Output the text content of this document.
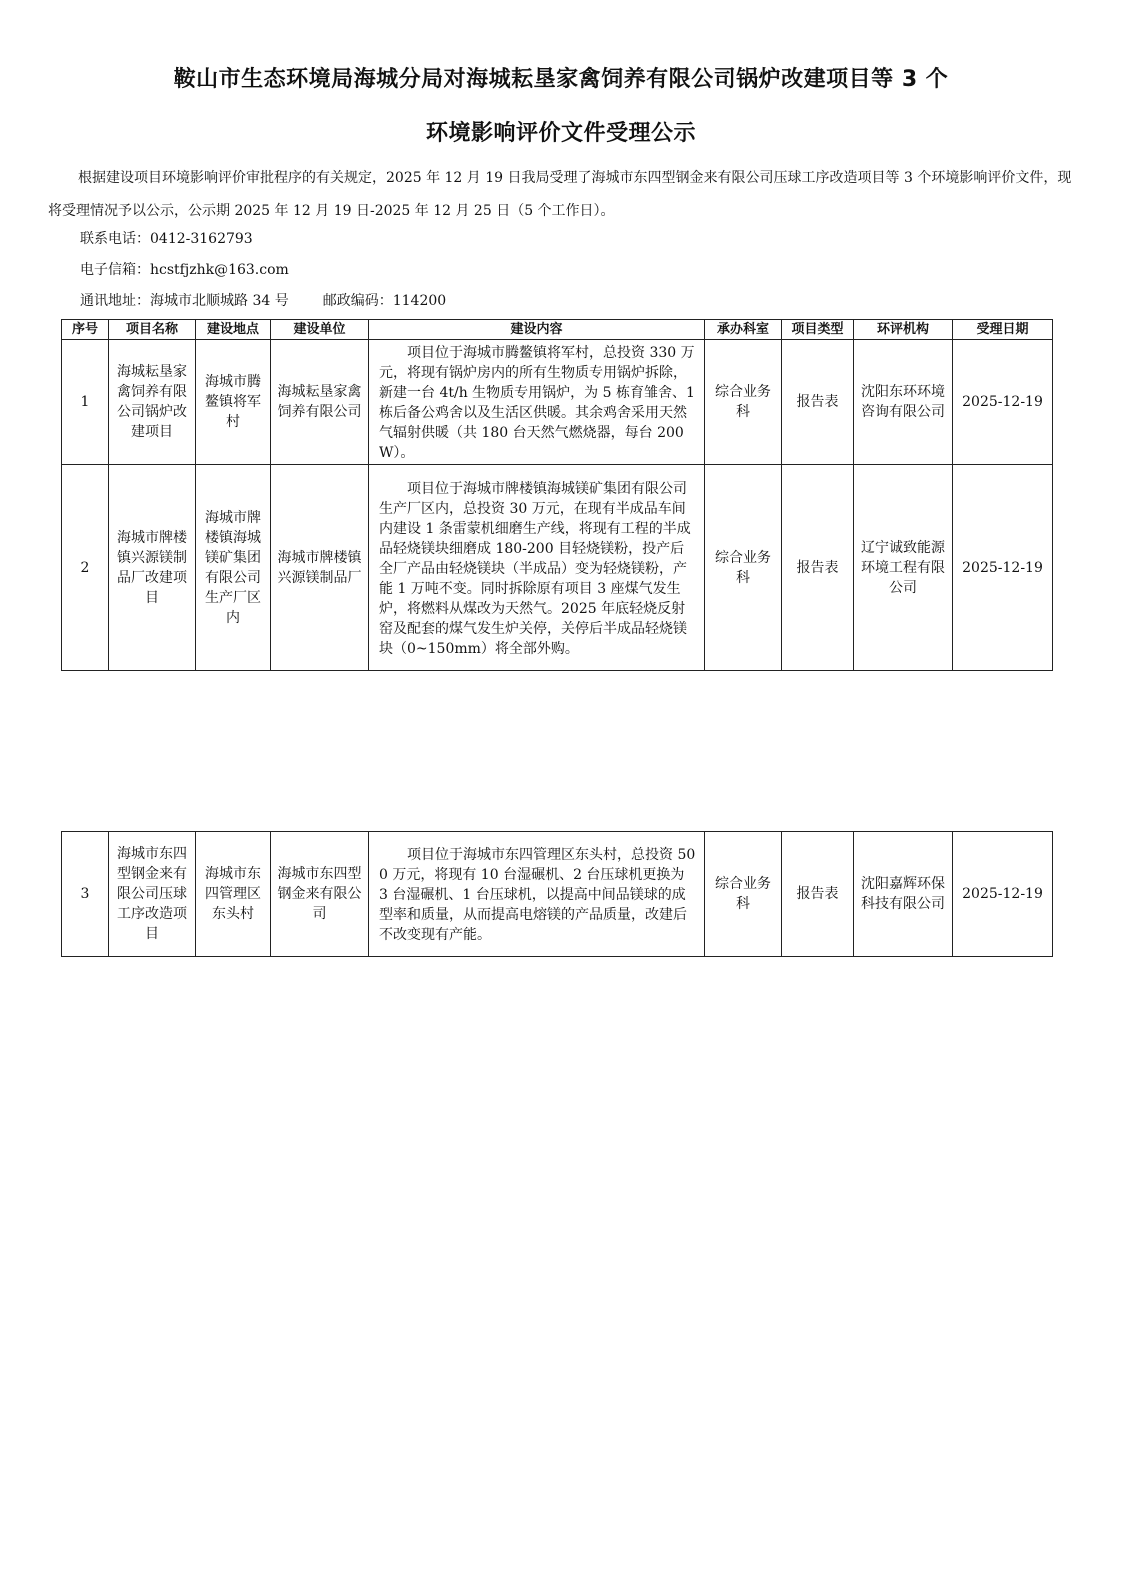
鞍山市生态环境局海城分局对海城耘垦家禽饲养有限公司锅炉改建项目等 3 个
环境影响评价文件受理公示
根据建设项目环境影响评价审批程序的有关规定，2025 年 12 月 19 日我局受理了海城市东四型钢金来有限公司压球工序改造项目等 3 个环境影响评价文件，现将受理情况予以公示，公示期 2025 年 12 月 19 日-2025 年 12 月 25 日（5 个工作日）。
联系电话：0412-3162793
电子信箱：hcstfjzhk@163.com
通讯地址：海城市北顺城路 34 号 邮政编码：114200
序号	项目名称	建设地点	建设单位	建设内容	承办科室	项目类型	环评机构	受理日期
1	海城耘垦家禽饲养有限公司锅炉改建项目	海城市腾鳌镇将军村	海城耘垦家禽饲养有限公司	项目位于海城市腾鳌镇将军村，总投资 330 万元，将现有锅炉房内的所有生物质专用锅炉拆除，新建一台 4t/h 生物质专用锅炉，为 5 栋育雏舍、1 栋后备公鸡舍以及生活区供暖。其余鸡舍采用天然气辐射供暖（共 180 台天然气燃烧器，每台 200W）。	综合业务科	报告表	沈阳东环环境咨询有限公司	2025-12-19
2	海城市牌楼镇兴源镁制品厂改建项目	海城市牌楼镇海城镁矿集团有限公司生产厂区内	海城市牌楼镇兴源镁制品厂	项目位于海城市牌楼镇海城镁矿集团有限公司生产厂区内，总投资 30 万元，在现有半成品车间内建设 1 条雷蒙机细磨生产线，将现有工程的半成品轻烧镁块细磨成 180-200 目轻烧镁粉，投产后全厂产品由轻烧镁块（半成品）变为轻烧镁粉，产能 1 万吨不变。同时拆除原有项目 3 座煤气发生炉，将燃料从煤改为天然气。2025 年底轻烧反射窑及配套的煤气发生炉关停，关停后半成品轻烧镁块（0~150mm）将全部外购。	综合业务科	报告表	辽宁诚致能源环境工程有限公司	2025-12-19
3	海城市东四型钢金来有限公司压球工序改造项目	海城市东四管理区东头村	海城市东四型钢金来有限公司	项目位于海城市东四管理区东头村，总投资 500 万元，将现有 10 台湿碾机、2 台压球机更换为 3 台湿碾机、1 台压球机，以提高中间品镁球的成型率和质量，从而提高电熔镁的产品质量，改建后不改变现有产能。	综合业务科	报告表	沈阳嘉辉环保科技有限公司	2025-12-19
